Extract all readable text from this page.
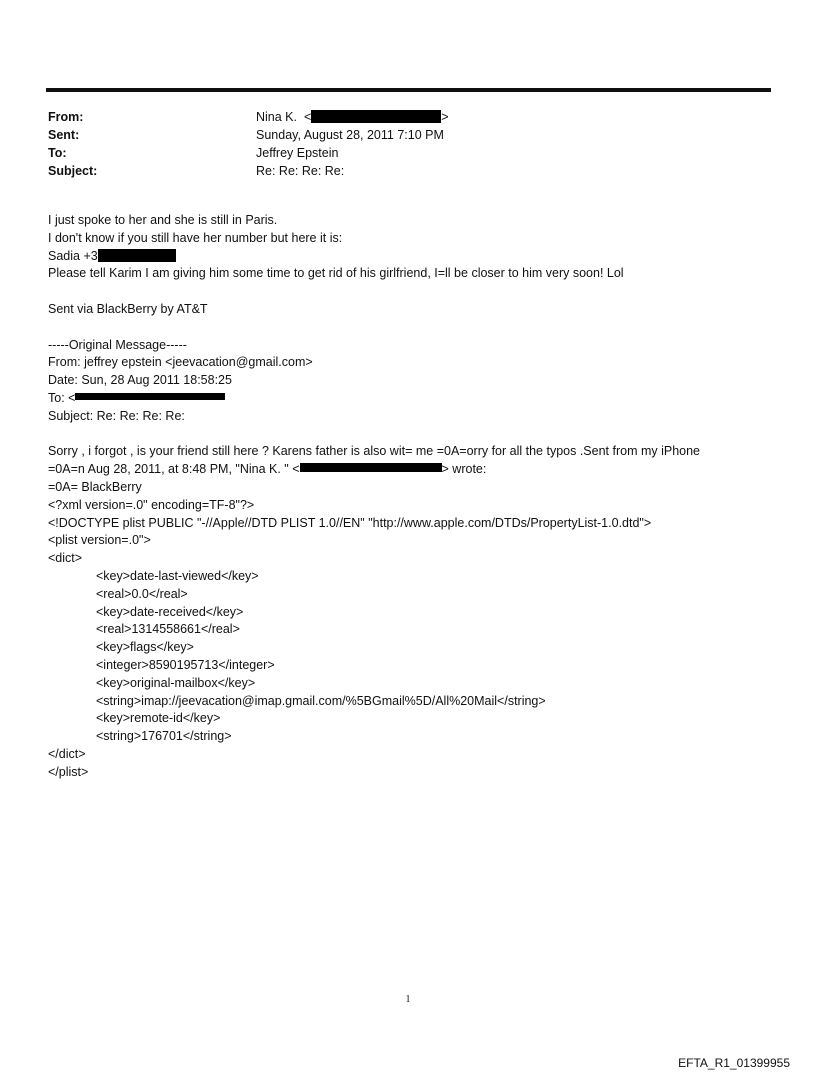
From:	Nina K. <	>
Sent:	Sunday, August 28, 2011 7:10 PM
To:	Jeffrey Epstein
Subject:	Re: Re: Re: Re:
I just spoke to her and she is still in Paris.
I don't know if you still have her number but here it is:
Sadia +3
Please tell Karim I am giving him some time to get rid of his girlfriend, I=ll be closer to him very soon! Lol
Sent via BlackBerry by AT&T
-----Original Message-----
From: jeffrey epstein <jeevacation@gmail.com>
Date: Sun, 28 Aug 2011 18:58:25
To: <
Subject: Re: Re: Re: Re:
Sorry , i forgot , is your friend still here ? Karens father is also wit= me =0A=orry for all the typos .Sent from my iPhone
=0A=n Aug 28, 2011, at 8:48 PM, "Nina K. " <	> wrote:
=0A= BlackBerry
<?xml version=.0" encoding=TF-8"?>
<!DOCTYPE plist PUBLIC "-//Apple//DTD PLIST 1.0//EN" "http://www.apple.com/DTDs/PropertyList-1.0.dtd">
<plist version=.0">
<dict>
<key>date-last-viewed</key>
<real>0.0</real>
<key>date-received</key>
<real>1314558661</real>
<key>flags</key>
<integer>8590195713</integer>
<key>original-mailbox</key>
<string>imap://jeevacation@imap.gmail.com/%5BGmail%5D/All%20Mail</string>
<key>remote-id</key>
<string>176701</string>
</dict>
</plist>
1
EFTA_R1_01399955
